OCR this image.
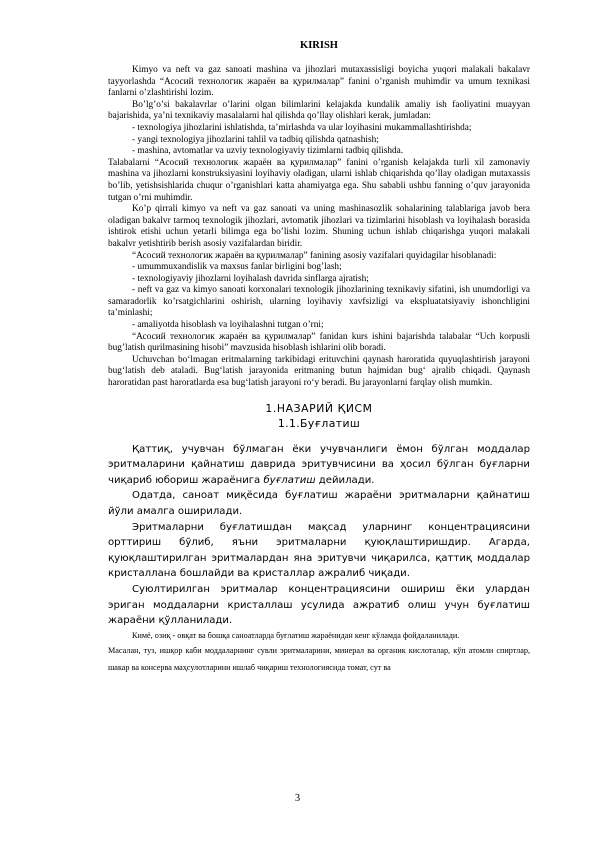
KIRISH

Kimyo va neft va gaz sanoati mashina va jihozlari mutaxassisligi boyicha yuqori malakali bakalavr tayyorlashda “Асосий технологик жараён ва қурилмалар” fanini o’rganish muhimdir va umum texnikasi fanlarni o’zlashtirishi lozim.

Bo’lg’o’si bakalavrlar o’larini olgan bilimlarini kelajakda kundalik amaliy ish faoliyatini muayyan bajarishida, ya’ni texnikaviy masalalarni hal qilishda qo’llay olishlari kerak, jumladan:

- texnologiya jihozlarini ishlatishda, ta’mirlashda va ular loyihasini mukammallashtirishda;

- yangi texnologiya jihozlarini tahlil va tadbiq qilishda qatnashish;

- mashina, avtomatlar va uzviy texnologiyaviy tizimlarni tadbiq qilishda.

Talabalarni “Асосий технологик жараён ва қурилмалар” fanini o’rganish kelajakda turli xil zamonaviy mashina va jihozlarni konstruksiyasini loyihaviy oladigan, ularni ishlab chiqarishda qo’llay oladigan mutaxassis bo’lib, yetishsishlarida chuqur o’rganishlari katta ahamiyatga ega. Shu sababli ushbu fanning o’quv jarayonida tutgan o’rni muhimdir.

Ko’p qirrali kimyo va neft va gaz sanoati va uning mashinasozlik sohalarining talablariga javob bera oladigan bakalvr tarmoq texnologik jihozlari, avtomatik jihozlari va tizimlarini hisoblash va loyihalash borasida ishtirok etishi uchun yetarli bilimga ega bo’lishi lozim. Shuning uchun ishlab chiqarishga yuqori malakali bakalvr yetishtirib berish asosiy vazifalardan biridir.

“Асосий технологик жараён ва қурилмалар” fanining asosiy vazifalari quyidagilar hisoblanadi:

- umummuxandislik va maxsus fanlar birligini bog’lash;

- texnologiyaviy jihozlarni loyihalash davrida sinflarga ajratish;

- neft va gaz va kimyo sanoati korxonalari texnologik jihozlarining texnikaviy sifatini, ish unumdorligi va samaradorlik ko’rsatgichlarini oshirish, ularning loyihaviy xavfsizligi va ekspluatatsiyaviy ishonchligini ta’minlashi;

- amaliyotda hisoblash va loyihalashni tutgan o’rni;

“Асосий технологик жараён ва қурилмалар” fanidan kurs ishini bajarishda talabalar “Uch korpusli bug’latish qurilmasining hisobi” mavzusida hisoblash ishlarini olib boradi.

Uchuvchan bo‘lmagan eritmalarning tarkibidagi erituvchini qaynash haroratida quyuqlashtirish jarayoni bug‘latish deb ataladi. Bug‘latish jarayonida eritmaning butun hajmidan bug‘ ajralib chiqadi. Qaynash haroratidan past haroratlarda esa bug‘latish jarayoni ro‘y beradi. Bu jarayonlarni farqlay olish mumkin.

1.НАЗАРИЙ ҚИСМ
1.1.Буғлатиш

Қаттиқ, учувчан бўлмаган ёки учувчанлиги ёмон бўлган моддалар эритмаларини қайнатиш даврида эритувчисини ва ҳосил бўлган буғларни чиқариб юбориш жараёнига буғлатиш дейилади.

Одатда, саноат миқёсида буғлатиш жараёни эритмаларни қайнатиш йўли амалга оширилади.

Эритмаларни буғлатишдан мақсад уларнинг концентрациясини орттириш бўлиб, яъни эритмаларни қуюқлаштиришдир. Агарда, қуюқлаштирилган эритмалардан яна эритувчи чиқарилса, қаттиқ моддалар кристаллана бошлайди ва кристаллар ажралиб чиқади.

Суюлтирилган эритмалар концентрациясини ошириш ёки улардан эриган моддаларни кристаллаш усулида ажратиб олиш учун буғлатиш жараёни қўлланилади.

Кимё, озиқ - овқат ва бошқа саноатларда буғлатиш жараёнидан кенг кўламда фойдаланилади.

Масалан, туз, ишқор каби моддаларнинг сувли эритмаларини, минерал ва органик кислоталар, кўп атомли спиртлар, шакар ва консерва маҳсулотларини ишлаб чиқариш технологиясида томат, сут ва

3
